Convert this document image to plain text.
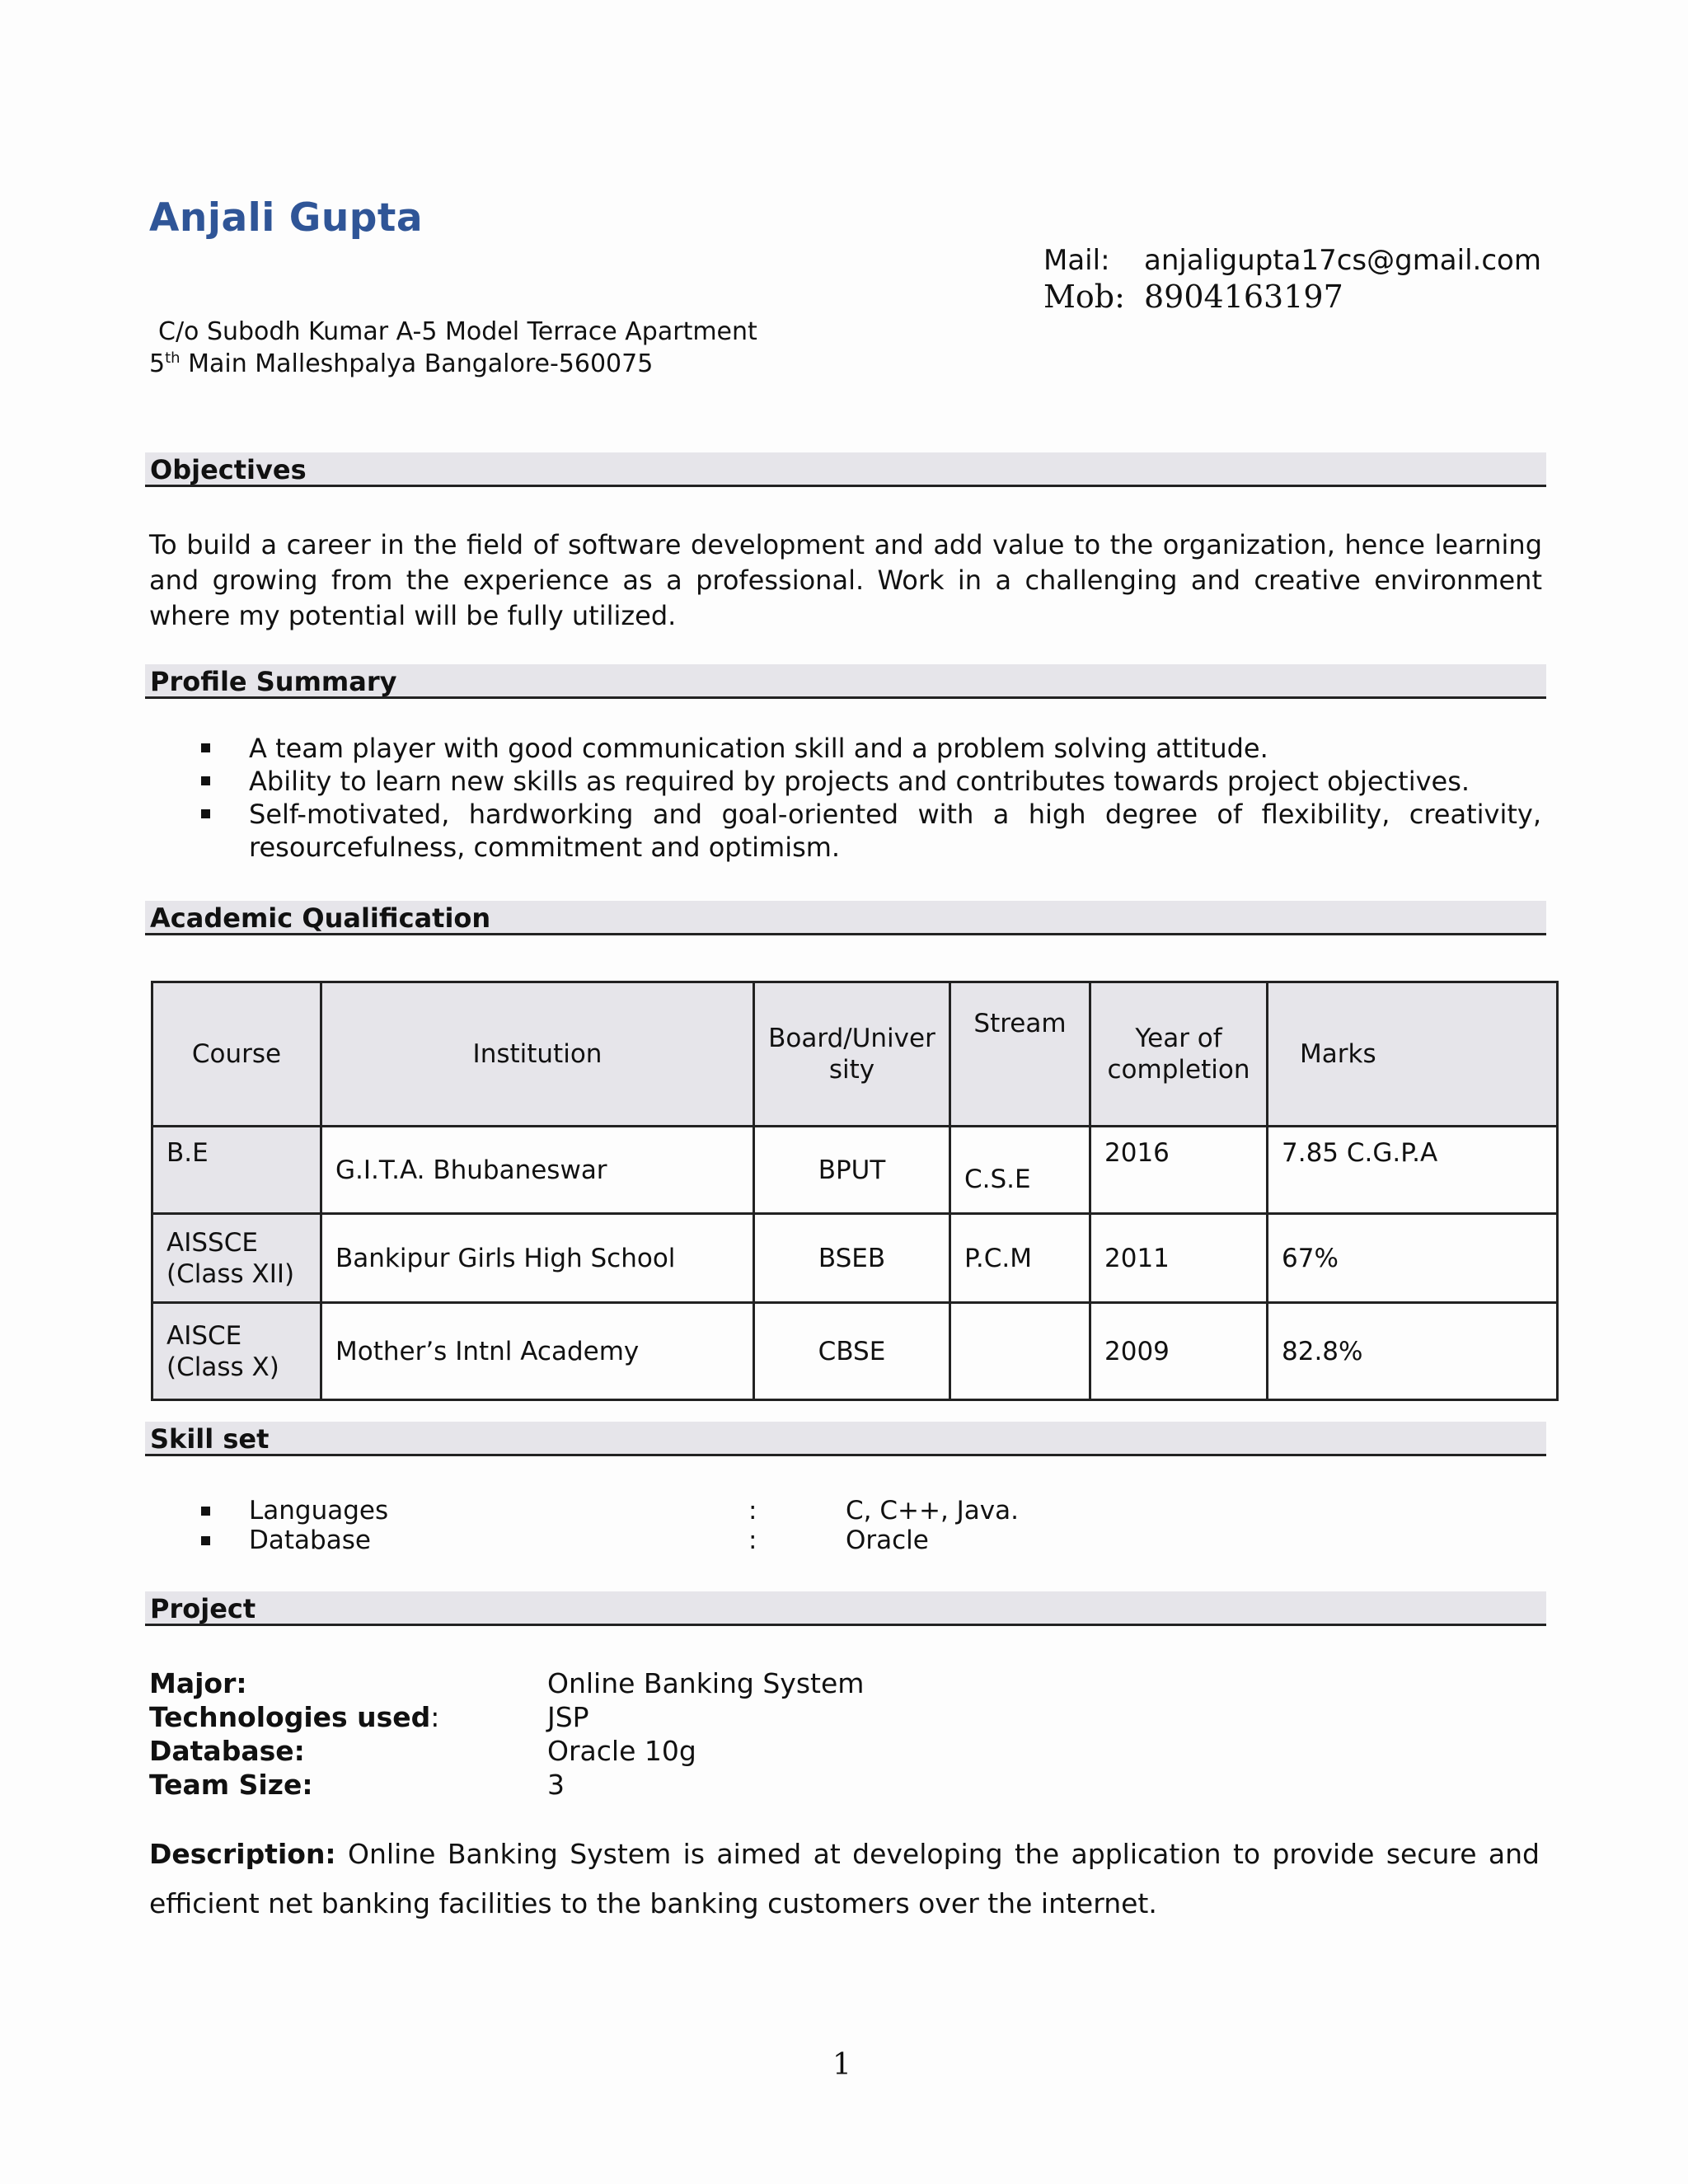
Anjali Gupta
Mail: anjaligupta17cs@gmail.com
Mob: 8904163197
C/o Subodh Kumar A-5 Model Terrace Apartment
5th Main Malleshpalya Bangalore-560075
Objectives
To build a career in the field of software development and add value to the organization, hence learning and growing from the experience as a professional. Work in a challenging and creative environment where my potential will be fully utilized.
Profile Summary
A team player with good communication skill and a problem solving attitude.
Ability to learn new skills as required by projects and contributes towards project objectives.
Self-motivated, hardworking and goal-oriented with a high degree of flexibility, creativity, resourcefulness, commitment and optimism.
Academic Qualification
Course	Institution	Board/Univer sity	Stream	Year of completion	Marks
B.E	G.I.T.A. Bhubaneswar	BPUT	C.S.E	2016	7.85 C.G.P.A
AISSCE (Class XII)	Bankipur Girls High School	BSEB	P.C.M	2011	67%
AISCE (Class X)	Mother’s Intnl Academy	CBSE		2009	82.8%
Skill set
Languages	:	C, C++, Java.
Database	:	Oracle
Project
Major:	Online Banking System
Technologies used:	JSP
Database:	Oracle 10g
Team Size:	3
Description: Online Banking System is aimed at developing the application to provide secure and efficient net banking facilities to the banking customers over the internet.
1
